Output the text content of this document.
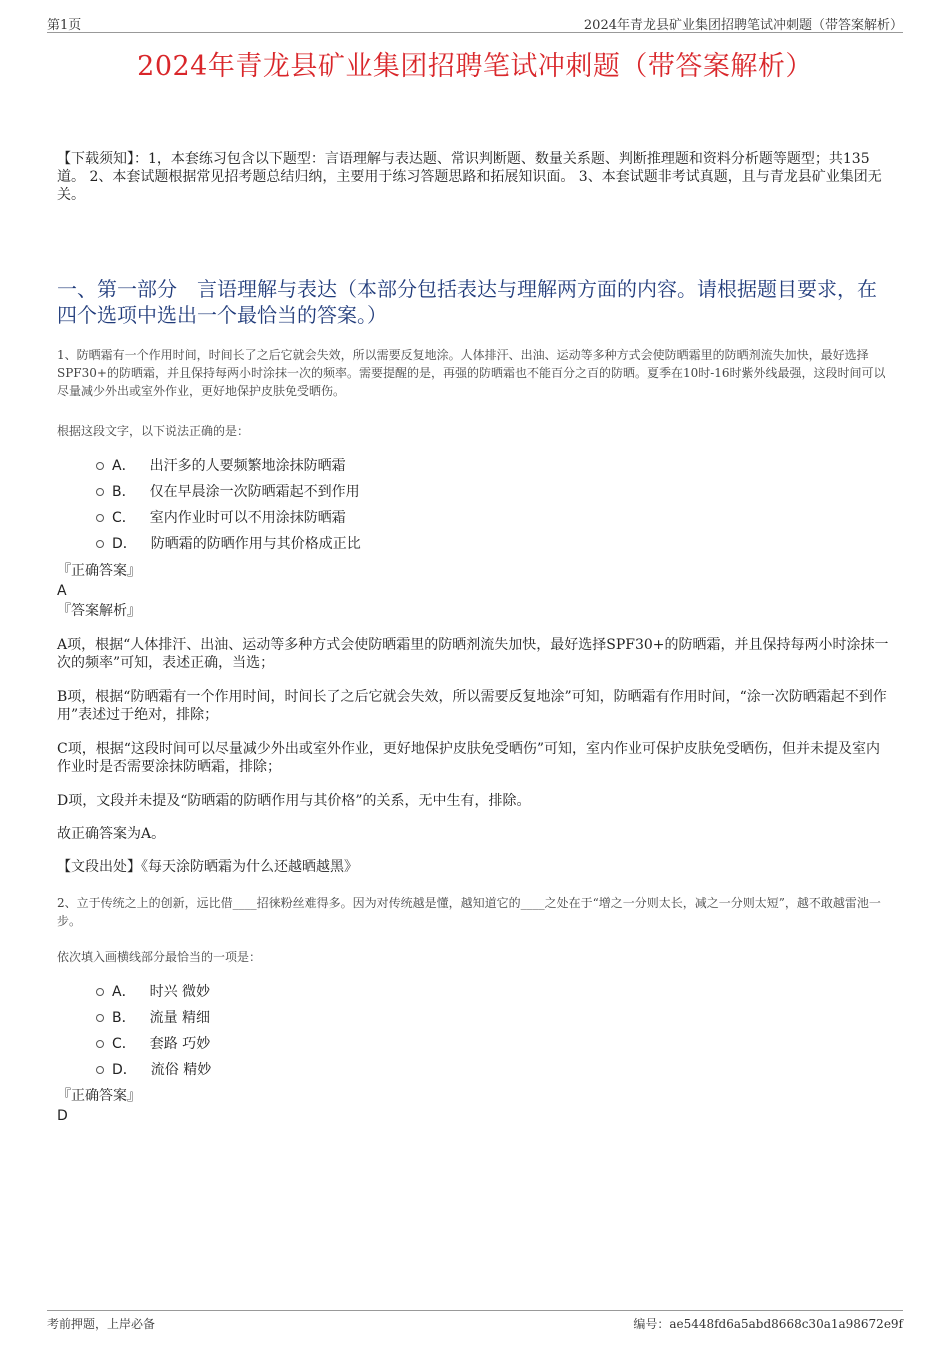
第1页	2024年青龙县矿业集团招聘笔试冲刺题（带答案解析）
2024年青龙县矿业集团招聘笔试冲刺题（带答案解析）
【下载须知】：1，本套练习包含以下题型：言语理解与表达题、常识判断题、数量关系题、判断推理题和资料分析题等题型；共135道。 2、本套试题根据常见招考题总结归纳，主要用于练习答题思路和拓展知识面。 3、本套试题非考试真题，且与青龙县矿业集团无关。
一、第一部分　言语理解与表达（本部分包括表达与理解两方面的内容。请根据题目要求，在四个选项中选出一个最恰当的答案。）
1、防晒霜有一个作用时间，时间长了之后它就会失效，所以需要反复地涂。人体排汗、出油、运动等多种方式会使防晒霜里的防晒剂流失加快，最好选择SPF30+的防晒霜，并且保持每两小时涂抹一次的频率。需要提醒的是，再强的防晒霜也不能百分之百的防晒。夏季在10时-16时紫外线最强，这段时间可以尽量减少外出或室外作业，更好地保护皮肤免受晒伤。
根据这段文字，以下说法正确的是：
A． 出汗多的人要频繁地涂抹防晒霜
B． 仅在早晨涂一次防晒霜起不到作用
C． 室内作业时可以不用涂抹防晒霜
D． 防晒霜的防晒作用与其价格成正比
『正确答案』
A
『答案解析』
A项，根据“人体排汗、出油、运动等多种方式会使防晒霜里的防晒剂流失加快，最好选择SPF30+的防晒霜，并且保持每两小时涂抹一次的频率”可知，表述正确，当选；
B项，根据“防晒霜有一个作用时间，时间长了之后它就会失效，所以需要反复地涂”可知，防晒霜有作用时间，“涂一次防晒霜起不到作用”表述过于绝对，排除；
C项，根据“这段时间可以尽量减少外出或室外作业，更好地保护皮肤免受晒伤”可知，室内作业可保护皮肤免受晒伤，但并未提及室内作业时是否需要涂抹防晒霜，排除；
D项，文段并未提及“防晒霜的防晒作用与其价格”的关系，无中生有，排除。
故正确答案为A。
【文段出处】《每天涂防晒霜为什么还越晒越黑》
2、立于传统之上的创新，远比借____招徕粉丝难得多。因为对传统越是懂，越知道它的____之处在于“增之一分则太长，减之一分则太短”，越不敢越雷池一步。
依次填入画横线部分最恰当的一项是：
A． 时兴 微妙
B． 流量 精细
C． 套路 巧妙
D． 流俗 精妙
『正确答案』
D
考前押题，上岸必备	编号：ae5448fd6a5abd8668c30a1a98672e9f
